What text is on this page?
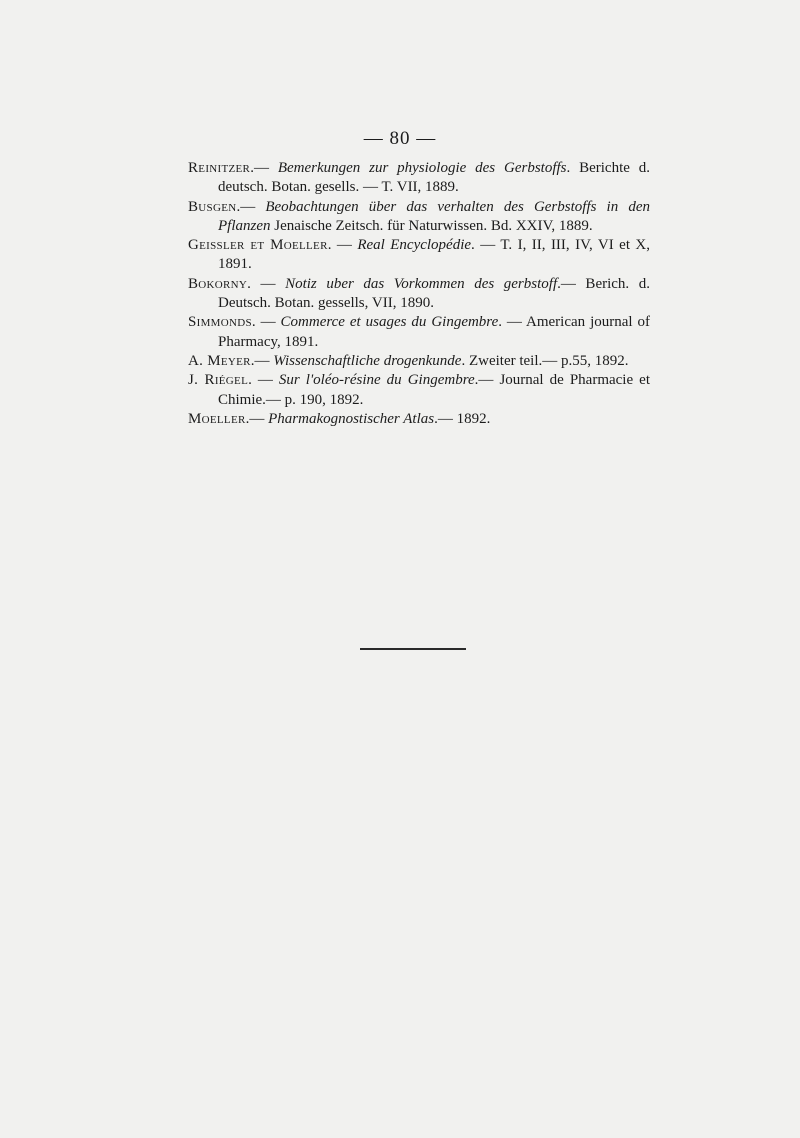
— 80 —
Reinitzer.— Bemerkungen zur physiologie des Gerbstoffs. Berichte d. deutsch. Botan. gesells. — T. VII, 1889.
Busgen.— Beobachtungen über das verhalten des Gerbstoffs in den Pflanzen Jenaische Zeitsch. für Naturwissen. Bd. XXIV, 1889.
Geissler et Moeller. — Real Encyclopédie. — T. I, II, III, IV, VI et X, 1891.
Bokorny. — Notiz uber das Vorkommen des gerbstoff.— Berich. d. Deutsch. Botan. gessells, VII, 1890.
Simmonds. — Commerce et usages du Gingembre. — American journal of Pharmacy, 1891.
A. Meyer.— Wissenschaftliche drogenkunde. Zweiter teil.— p.55, 1892.
J. Riégel. — Sur l'oléo-résine du Gingembre.— Journal de Pharmacie et Chimie.— p. 190, 1892.
Moeller.— Pharmakognostischer Atlas.— 1892.
